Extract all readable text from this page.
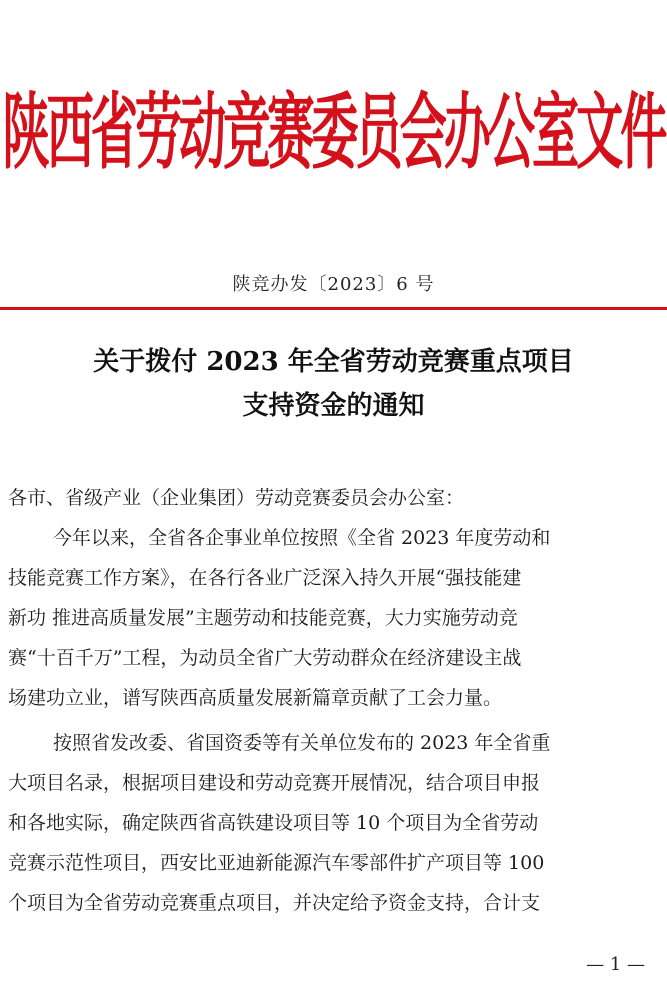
陕西省劳动竞赛委员会办公室文件
陕竞办发〔2023〕6 号
关于拨付 2023 年全省劳动竞赛重点项目
支持资金的通知
各市、省级产业（企业集团）劳动竞赛委员会办公室：
今年以来，全省各企事业单位按照《全省 2023 年度劳动和
技能竞赛工作方案》，在各行各业广泛深入持久开展“强技能建
新功 推进高质量发展”主题劳动和技能竞赛，大力实施劳动竞
赛“十百千万”工程，为动员全省广大劳动群众在经济建设主战
场建功立业，谱写陕西高质量发展新篇章贡献了工会力量。
按照省发改委、省国资委等有关单位发布的 2023 年全省重
大项目名录，根据项目建设和劳动竞赛开展情况，结合项目申报
和各地实际，确定陕西省高铁建设项目等 10 个项目为全省劳动
竞赛示范性项目，西安比亚迪新能源汽车零部件扩产项目等 100
个项目为全省劳动竞赛重点项目，并决定给予资金支持，合计支
— 1 —
